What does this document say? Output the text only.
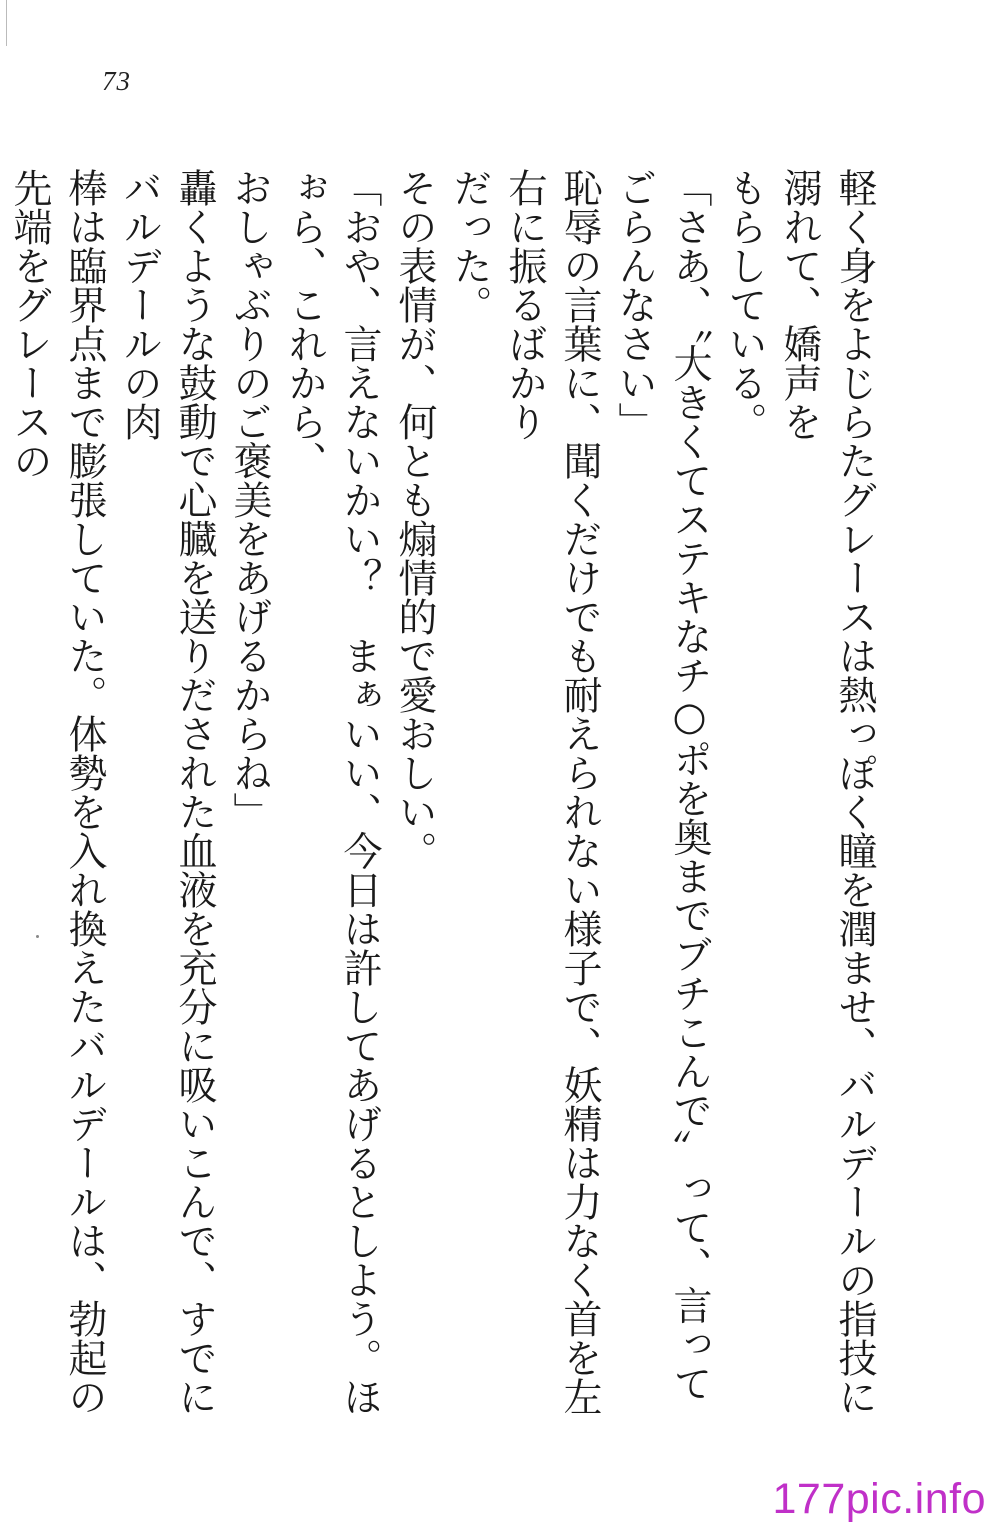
73

軽く身をよじらたグレースは熱っぽく瞳を潤ませ、バルデールの指技に溺れて、嬌声を

もらしている。

「さあ、〝大きくてステキなチ○ポを奥までブチこんで〟って、言ってごらんなさい」

恥辱の言葉に、聞くだけでも耐えられない様子で、妖精は力なく首を左右に振るばかり

だった。

その表情が、何とも煽情的で愛おしい。

「おや、言えないかい？　まぁいい、今日は許してあげるとしよう。ほぉら、これから、

おしゃぶりのご褒美をあげるからね」

轟くような鼓動で心臓を送りだされた血液を充分に吸いこんで、すでにバルデールの肉

棒は臨界点まで膨張していた。体勢を入れ換えたバルデールは、勃起の先端をグレースの

177pic.info
